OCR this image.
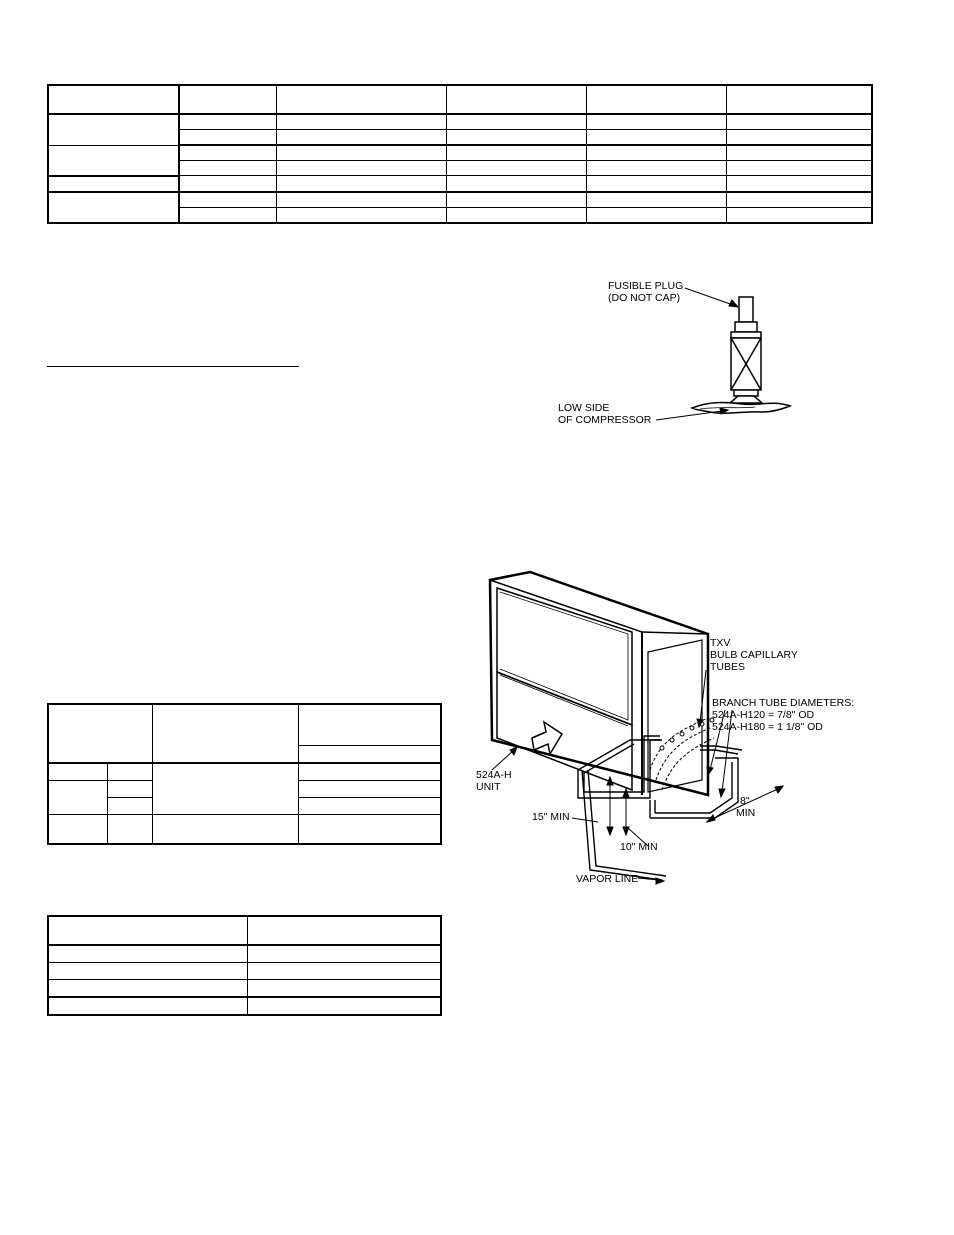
FUSIBLE PLUG
(DO NOT CAP)
LOW SIDE
OF COMPRESSOR
TXV
BULB CAPILLARY
TUBES
BRANCH TUBE DIAMETERS:
524A-H120 = 7/8" OD
524A-H180 = 1 1/8" OD
524A-H
UNIT
15" MIN
10" MIN
8"
MIN
VAPOR LINE
